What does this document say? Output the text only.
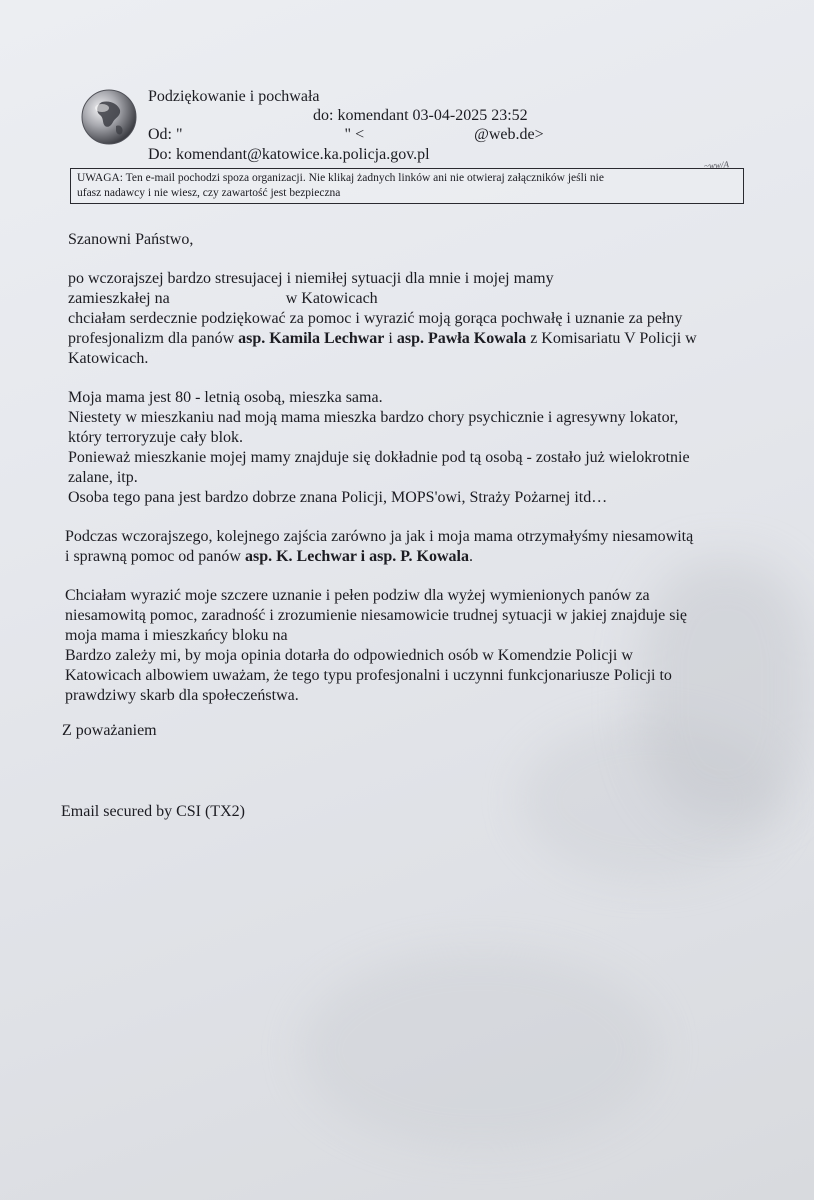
Podziękowanie i pochwała
do: komendant 03-04-2025 23:52
Od: "	" <	@web.de>
Do: komendant@katowice.ka.policja.gov.pl
UWAGA: Ten e-mail pochodzi spoza organizacji. Nie klikaj żadnych linków ani nie otwieraj załączników jeśli nie
ufasz nadawcy i nie wiesz, czy zawartość jest bezpieczna
~ww/A
Szanowni Państwo,
po wczorajszej bardzo stresujacej i niemiłej sytuacji dla mnie i mojej mamy
zamieszkałej na	w Katowicach
chciałam serdecznie podziękować za pomoc i wyrazić moją gorąca pochwałę i uznanie za pełny
profesjonalizm dla panów asp. Kamila Lechwar i asp. Pawła Kowala z Komisariatu V Policji w
Katowicach.
Moja mama jest 80 - letnią osobą, mieszka sama.
Niestety w mieszkaniu nad moją mama mieszka bardzo chory psychicznie i agresywny lokator,
który terroryzuje cały blok.
Ponieważ mieszkanie mojej mamy znajduje się dokładnie pod tą osobą - zostało już wielokrotnie
zalane, itp.
Osoba tego pana jest bardzo dobrze znana Policji, MOPS'owi, Straży Pożarnej itd…
Podczas wczorajszego, kolejnego zajścia zarówno ja jak i moja mama otrzymałyśmy niesamowitą
i sprawną pomoc od panów asp. K. Lechwar i asp. P. Kowala.
Chciałam wyrazić moje szczere uznanie i pełen podziw dla wyżej wymienionych panów za
niesamowitą pomoc, zaradność i zrozumienie niesamowicie trudnej sytuacji w jakiej znajduje się
moja mama i mieszkańcy bloku na
Bardzo zależy mi, by moja opinia dotarła do odpowiednich osób w Komendzie Policji w
Katowicach albowiem uważam, że tego typu profesjonalni i uczynni funkcjonariusze Policji to
prawdziwy skarb dla społeczeństwa.
Z poważaniem
Email secured by CSI (TX2)
